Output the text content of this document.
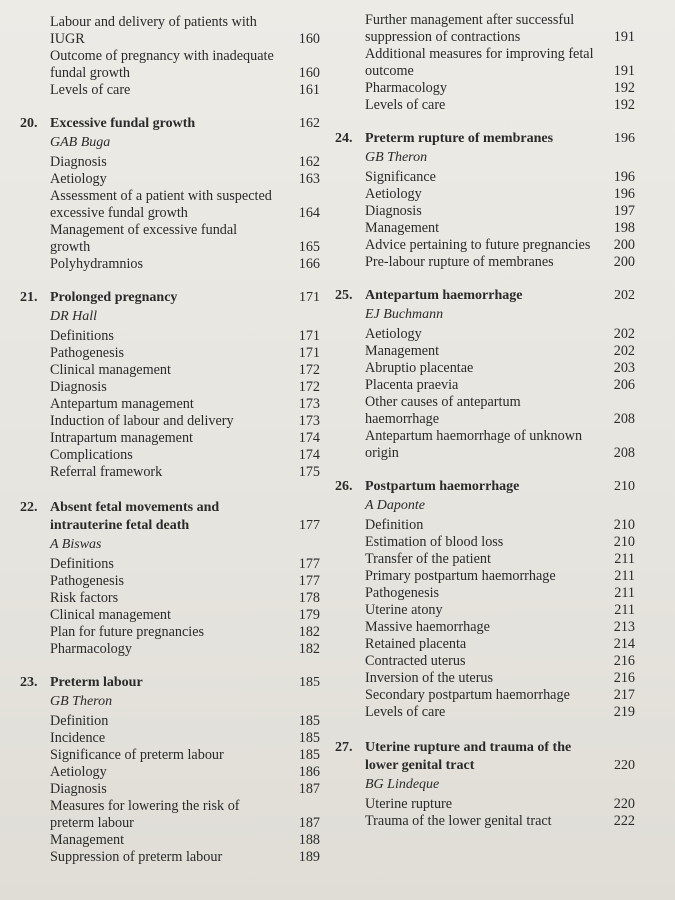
Labour and delivery of patients with IUGR	160
Outcome of pregnancy with inadequate fundal growth	160
Levels of care	161
20. Excessive fundal growth	162
GAB Buga
Diagnosis	162
Aetiology	163
Assessment of a patient with suspected excessive fundal growth	164
Management of excessive fundal growth	165
Polyhydramnios	166
21. Prolonged pregnancy	171
DR Hall
Definitions	171
Pathogenesis	171
Clinical management	172
Diagnosis	172
Antepartum management	173
Induction of labour and delivery	173
Intrapartum management	174
Complications	174
Referral framework	175
22. Absent fetal movements and intrauterine fetal death	177
A Biswas
Definitions	177
Pathogenesis	177
Risk factors	178
Clinical management	179
Plan for future pregnancies	182
Pharmacology	182
23. Preterm labour	185
GB Theron
Definition	185
Incidence	185
Significance of preterm labour	185
Aetiology	186
Diagnosis	187
Measures for lowering the risk of preterm labour	187
Management	188
Suppression of preterm labour	189
Further management after successful suppression of contractions	191
Additional measures for improving fetal outcome	191
Pharmacology	192
Levels of care	192
24. Preterm rupture of membranes	196
GB Theron
Significance	196
Aetiology	196
Diagnosis	197
Management	198
Advice pertaining to future pregnancies	200
Pre-labour rupture of membranes	200
25. Antepartum haemorrhage	202
EJ Buchmann
Aetiology	202
Management	202
Abruptio placentae	203
Placenta praevia	206
Other causes of antepartum haemorrhage	208
Antepartum haemorrhage of unknown origin	208
26. Postpartum haemorrhage	210
A Daponte
Definition	210
Estimation of blood loss	210
Transfer of the patient	211
Primary postpartum haemorrhage	211
Pathogenesis	211
Uterine atony	211
Massive haemorrhage	213
Retained placenta	214
Contracted uterus	216
Inversion of the uterus	216
Secondary postpartum haemorrhage	217
Levels of care	219
27. Uterine rupture and trauma of the lower genital tract	220
BG Lindeque
Uterine rupture	220
Trauma of the lower genital tract	222
